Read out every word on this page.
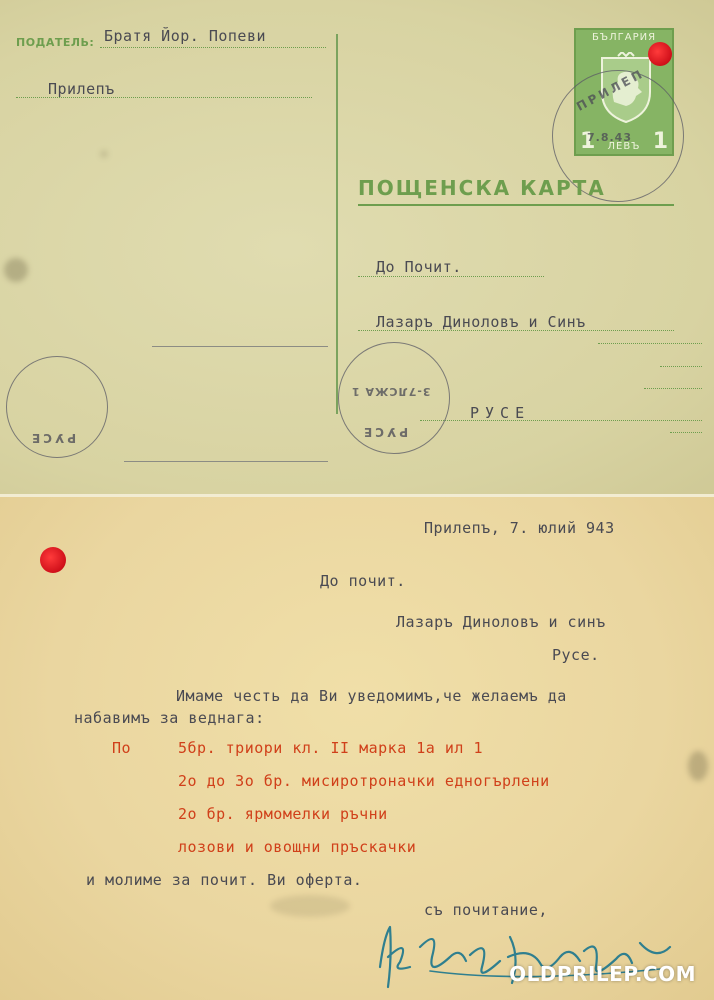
ПОДАТЕЛЬ: Братя Йор. Попеви
Прилепъ
БЪЛГАРИЯ
1	1
ЛЕВЪ
ПРИЛЕП
7.8.43
ПОЩЕНСКА КАРТА
До Почит.
Лазаръ Диноловъ и Синъ
РУСЕ
РУСЕ
3-7ЛСЖА 1
РУСЕ
Прилепъ, 7. юлий 943
До почит.
Лазаръ Диноловъ и синъ
Русе.
Имаме честь да Ви уведомимъ,че желаемъ да
набавимъ за веднага:
По	5бр. триори кл. II марка 1а ил 1
2о до 3о бр. мисиротрoначки едногърлени
2о бр. ярмомелки ръчни
лозови и овощни пръскачки
и молиме за почит. Ви оферта.
съ почитание,
OLDPRILEP.COM
